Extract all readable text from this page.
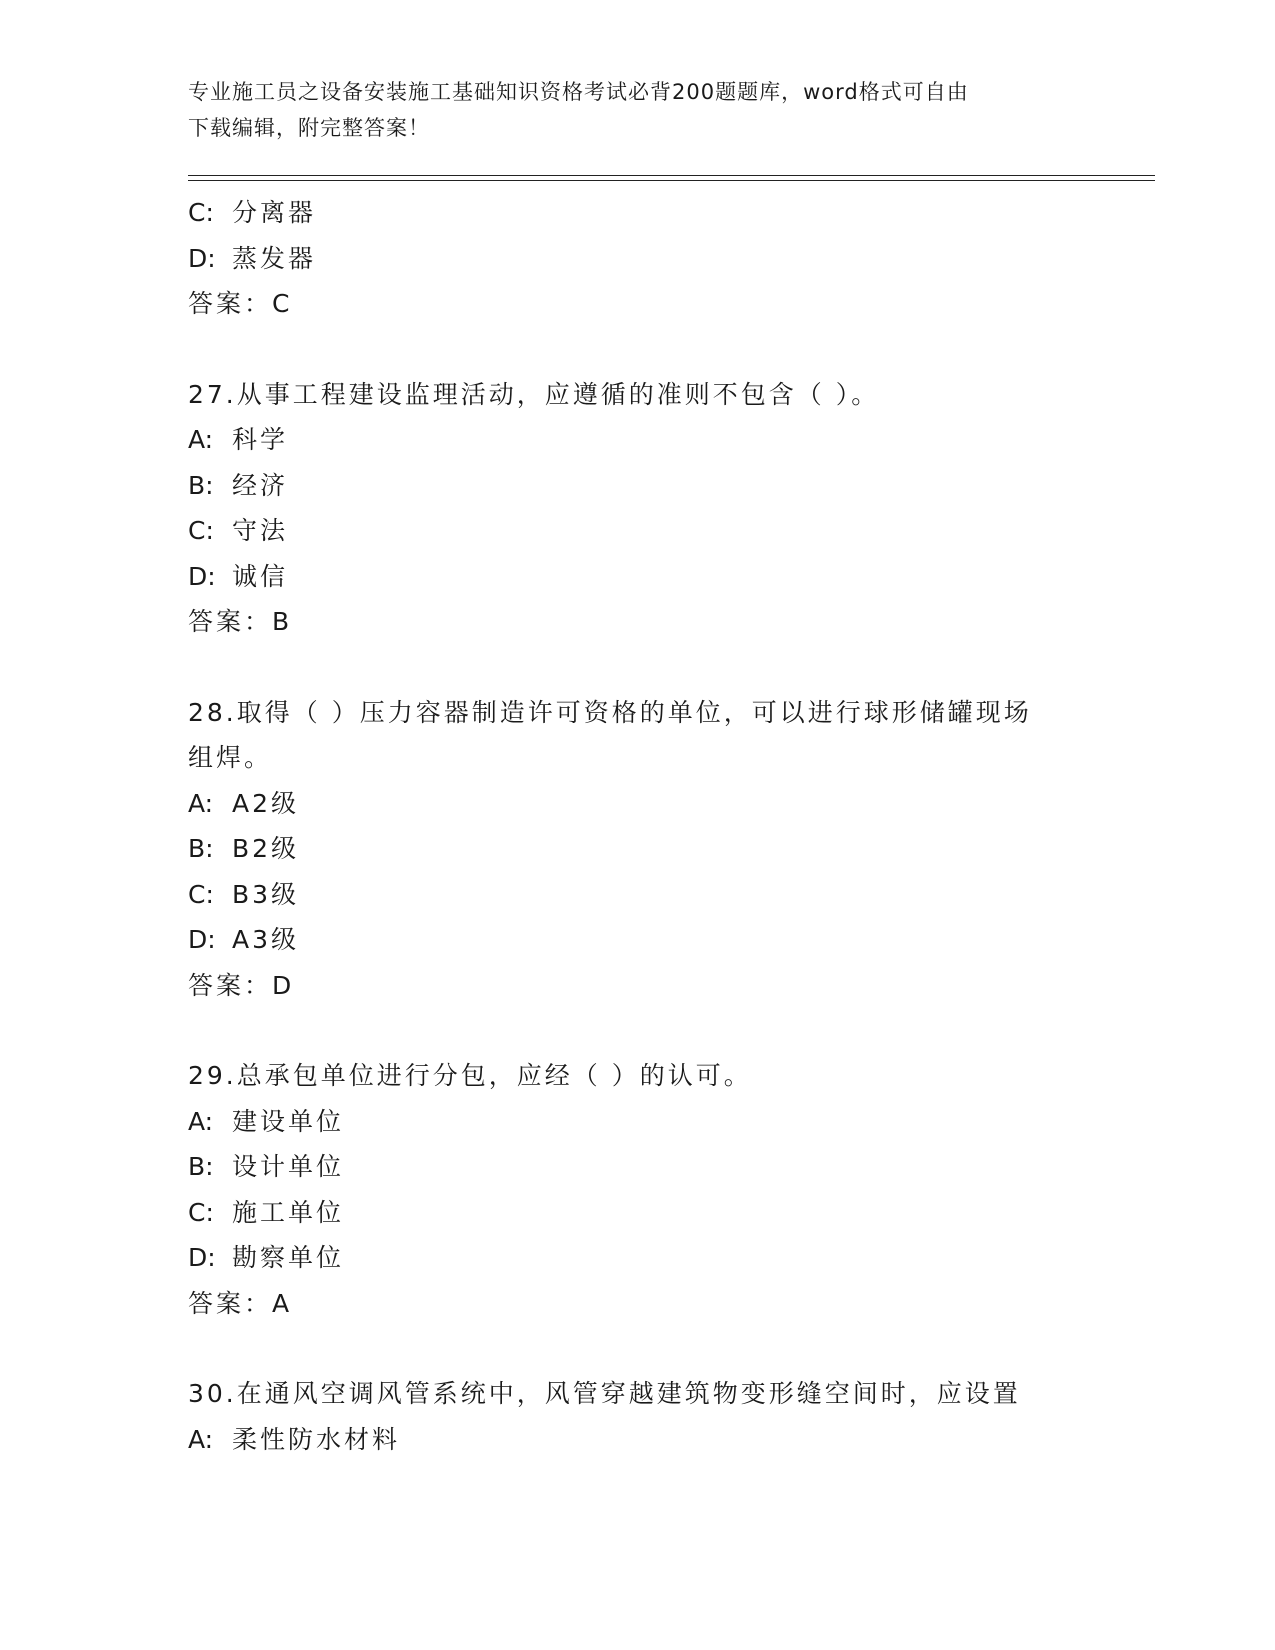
专业施工员之设备安装施工基础知识资格考试必背200题题库，word格式可自由
下载编辑，附完整答案！
C: 分离器
D: 蒸发器
答案：C
27.从事工程建设监理活动，应遵循的准则不包含（ ）。
A: 科学
B: 经济
C: 守法
D: 诚信
答案：B
28.取得（ ）压力容器制造许可资格的单位，可以进行球形储罐现场
组焊。
A: A2级
B: B2级
C: B3级
D: A3级
答案：D
29.总承包单位进行分包，应经（ ）的认可。
A: 建设单位
B: 设计单位
C: 施工单位
D: 勘察单位
答案：A
30.在通风空调风管系统中，风管穿越建筑物变形缝空间时，应设置
A: 柔性防水材料
